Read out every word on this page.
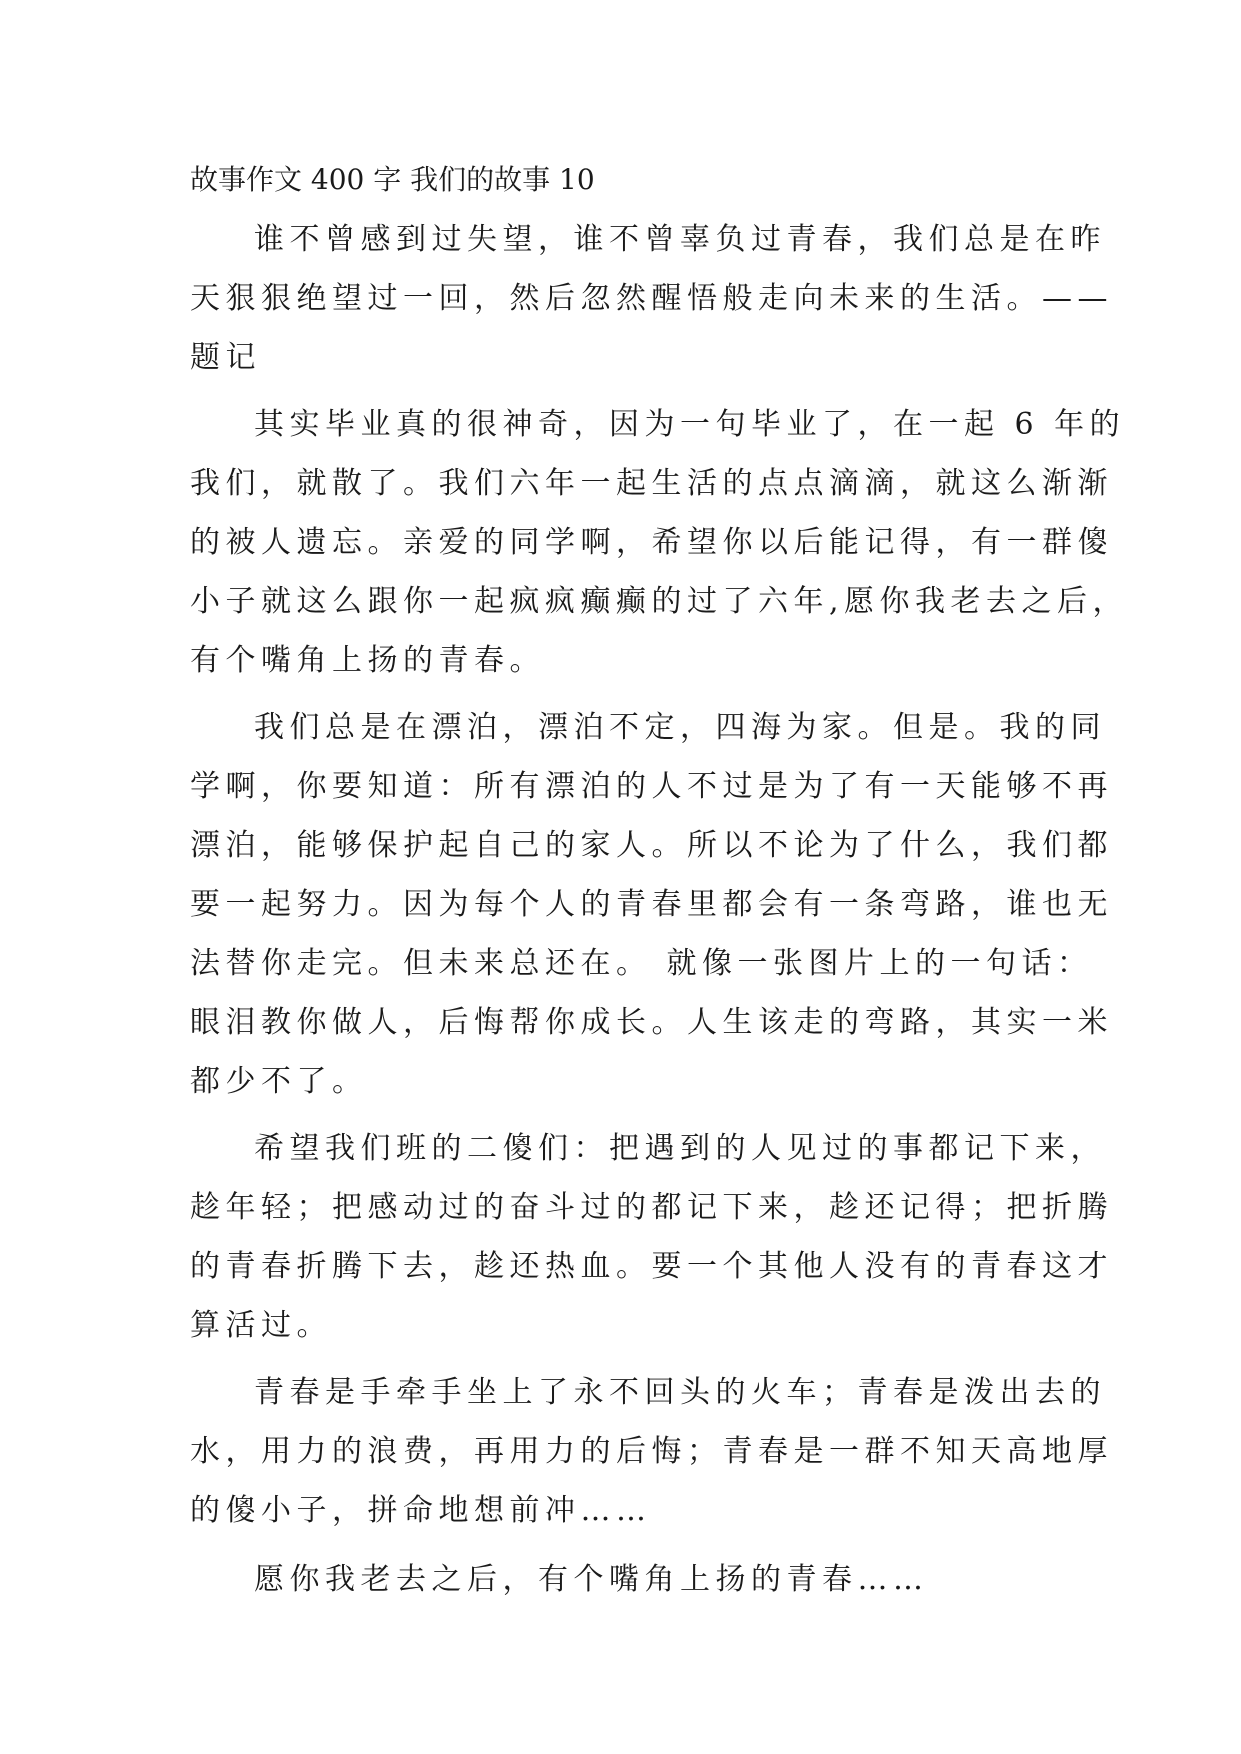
故事作文 400 字 我们的故事 10
谁不曾感到过失望，谁不曾辜负过青春，我们总是在昨
天狠狠绝望过一回，然后忽然醒悟般走向未来的生活。——
题记
其实毕业真的很神奇，因为一句毕业了，在一起 6 年的
我们，就散了。我们六年一起生活的点点滴滴，就这么渐渐
的被人遗忘。亲爱的同学啊，希望你以后能记得，有一群傻
小子就这么跟你一起疯疯癫癫的过了六年,愿你我老去之后，
有个嘴角上扬的青春。
我们总是在漂泊，漂泊不定，四海为家。但是。我的同
学啊，你要知道：所有漂泊的人不过是为了有一天能够不再
漂泊，能够保护起自己的家人。所以不论为了什么，我们都
要一起努力。因为每个人的青春里都会有一条弯路，谁也无
法替你走完。但未来总还在。 就像一张图片上的一句话：
眼泪教你做人，后悔帮你成长。人生该走的弯路，其实一米
都少不了。
希望我们班的二傻们：把遇到的人见过的事都记下来，
趁年轻；把感动过的奋斗过的都记下来，趁还记得；把折腾
的青春折腾下去，趁还热血。要一个其他人没有的青春这才
算活过。
青春是手牵手坐上了永不回头的火车；青春是泼出去的
水，用力的浪费，再用力的后悔；青春是一群不知天高地厚
的傻小子，拼命地想前冲……
愿你我老去之后，有个嘴角上扬的青春……
